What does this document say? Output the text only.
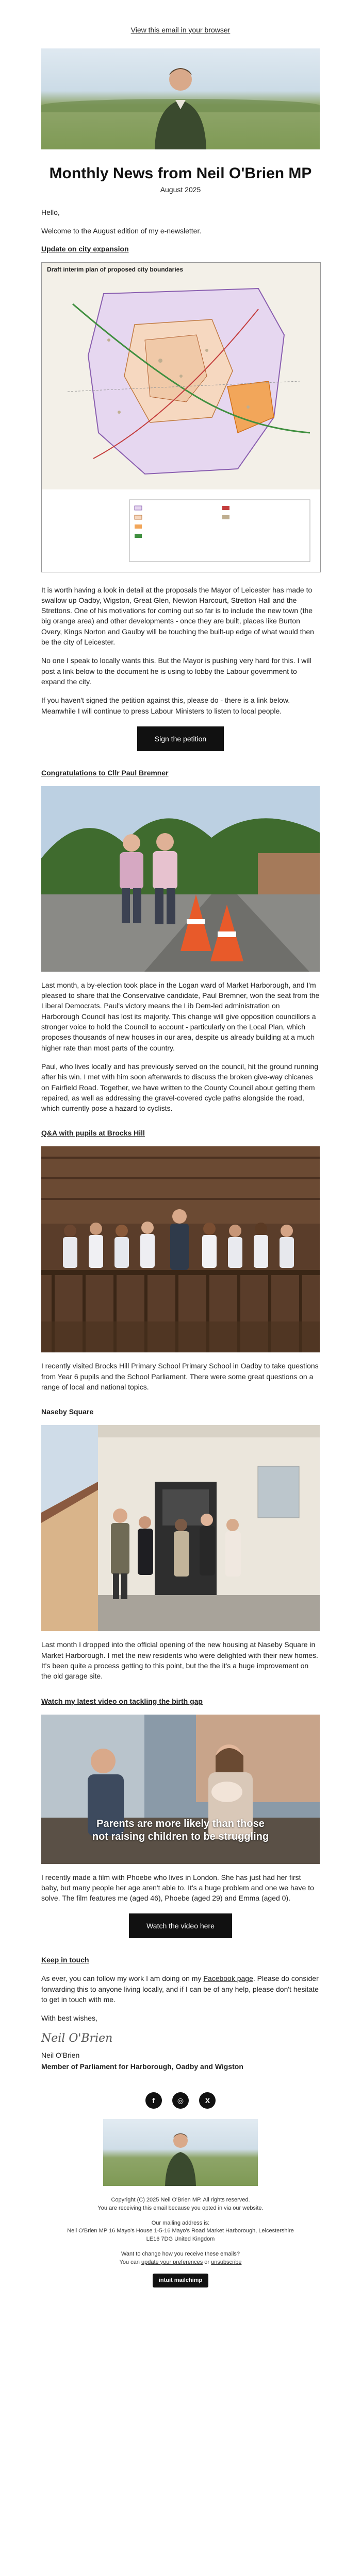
View this email in your browser
Monthly News from Neil O'Brien MP
August 2025

Hello,

Welcome to the August edition of my e-newsletter.

Update on city expansion
Draft interim plan of proposed city boundaries

It is worth having a look in detail at the proposals the Mayor of Leicester has made to swallow up Oadby, Wigston, Great Glen, Newton Harcourt, Stretton Hall and the Strettons. One of his motivations for coming out so far is to include the new town (the big orange area) and other developments - once they are built, places like Burton Overy, Kings Norton and Gaulby will be touching the built-up edge of what would then be the city of Leicester.

No one I speak to locally wants this. But the Mayor is pushing very hard for this. I will post a link below to the document he is using to lobby the Labour government to expand the city.

If you haven't signed the petition against this, please do - there is a link below. Meanwhile I will continue to press Labour Ministers to listen to local people.

Sign the petition
Congratulations to Cllr Paul Bremner

Last month, a by-election took place in the Logan ward of Market Harborough, and I'm pleased to share that the Conservative candidate, Paul Bremner, won the seat from the Liberal Democrats. Paul's victory means the Lib Dem-led administration on Harborough Council has lost its majority. This change will give opposition councillors a stronger voice to hold the Council to account - particularly on the Local Plan, which proposes thousands of new houses in our area, despite us already building at a much higher rate than most parts of the country.

Paul, who lives locally and has previously served on the council, hit the ground running after his win. I met with him soon afterwards to discuss the broken give-way chicanes on Fairfield Road. Together, we have written to the County Council about getting them repaired, as well as addressing the gravel-covered cycle paths alongside the road, which currently pose a hazard to cyclists.

Q&A with pupils at Brocks Hill

I recently visited Brocks Hill Primary School Primary School in Oadby to take questions from Year 6 pupils and the School Parliament. There were some great questions on a range of local and national topics.

Naseby Square

Last month I dropped into the official opening of the new housing at Naseby Square in Market Harborough. I met the new residents who were delighted with their new homes. It's been quite a process getting to this point, but the the it's a huge improvement on the old garage site.

Watch my latest video on tackling the birth gap
Parents are more likely than those
not raising children to be struggling

I recently made a film with Phoebe who lives in London. She has just had her first baby, but many people her age aren't able to. It's a huge problem and one we have to solve. The film features me (aged 46), Phoebe (aged 29) and Emma (aged 0).

Watch the video here
Keep in touch

As ever, you can follow my work I am doing on my Facebook page. Please do consider forwarding this to anyone living locally, and if I can be of any help, please don't hesitate to get in touch with me.

With best wishes,

Neil O'Brien

Neil O'Brien

Member of Parliament for Harborough, Oadby and Wigston

f	◎	X
Copyright (C) 2025 Neil O'Brien MP. All rights reserved.
You are receiving this email because you opted in via our website.
Our mailing address is:
Neil O'Brien MP 16 Mayo's House 1-5-16 Mayo's Road Market Harborough, Leicestershire LE16 7DG United Kingdom
Want to change how you receive these emails?
You can update your preferences or unsubscribe
intuit mailchimp
